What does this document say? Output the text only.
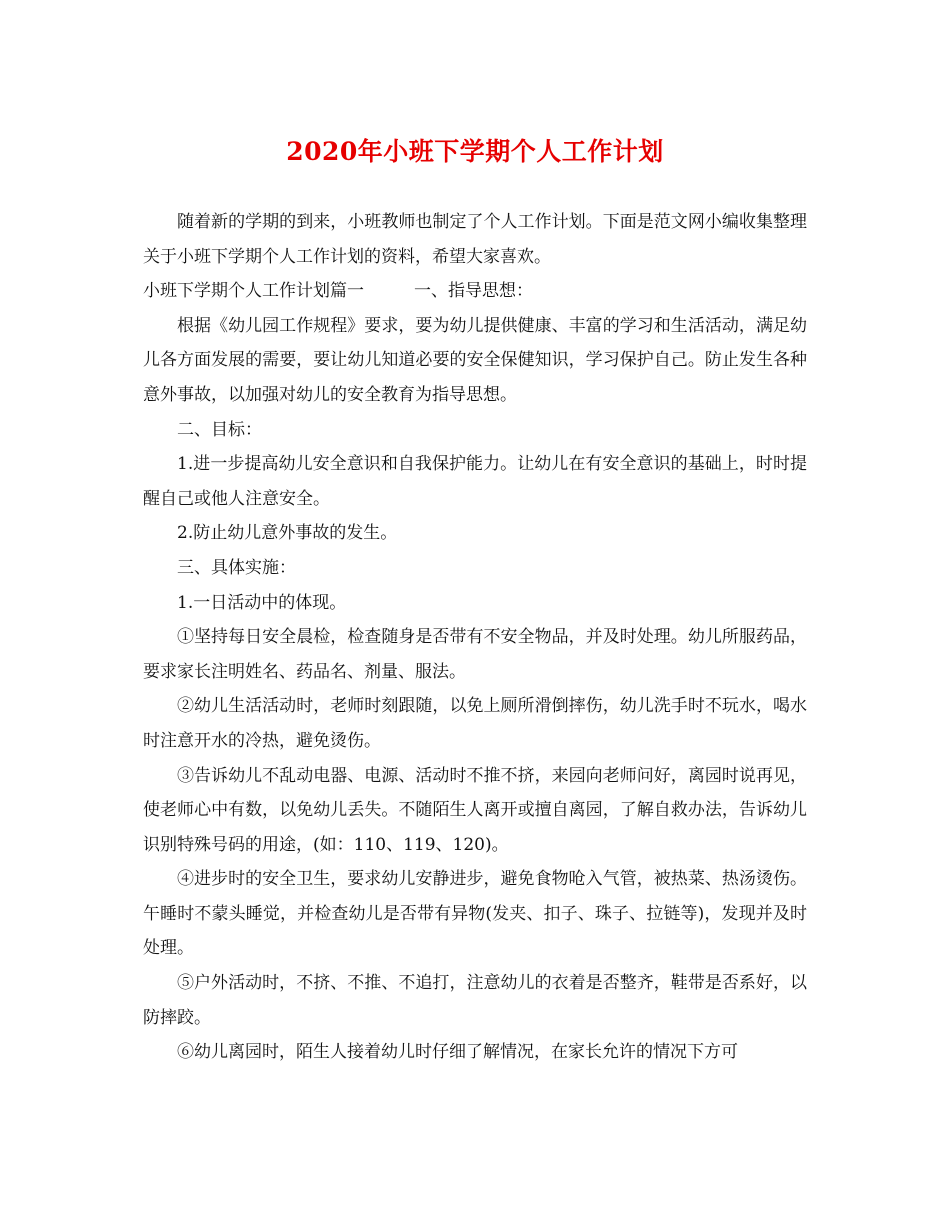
2020年小班下学期个人工作计划

随着新的学期的到来，小班教师也制定了个人工作计划。下面是范文网小编收集整理关于小班下学期个人工作计划的资料，希望大家喜欢。

小班下学期个人工作计划篇一	一、指导思想：

根据《幼儿园工作规程》要求，要为幼儿提供健康、丰富的学习和生活活动，满足幼儿各方面发展的需要，要让幼儿知道必要的安全保健知识，学习保护自己。防止发生各种意外事故，以加强对幼儿的安全教育为指导思想。

二、目标：

1.进一步提高幼儿安全意识和自我保护能力。让幼儿在有安全意识的基础上，时时提醒自己或他人注意安全。

2.防止幼儿意外事故的发生。

三、具体实施：

1.一日活动中的体现。

①坚持每日安全晨检，检查随身是否带有不安全物品，并及时处理。幼儿所服药品，要求家长注明姓名、药品名、剂量、服法。

②幼儿生活活动时，老师时刻跟随，以免上厕所滑倒摔伤，幼儿洗手时不玩水，喝水时注意开水的冷热，避免烫伤。

③告诉幼儿不乱动电器、电源、活动时不推不挤，来园向老师问好，离园时说再见，使老师心中有数，以免幼儿丢失。不随陌生人离开或擅自离园，了解自救办法，告诉幼儿识别特殊号码的用途，(如：110、119、120)。

④进步时的安全卫生，要求幼儿安静进步，避免食物呛入气管，被热菜、热汤烫伤。午睡时不蒙头睡觉，并检查幼儿是否带有异物(发夹、扣子、珠子、拉链等)，发现并及时处理。

⑤户外活动时，不挤、不推、不追打，注意幼儿的衣着是否整齐，鞋带是否系好，以防摔跤。

⑥幼儿离园时，陌生人接着幼儿时仔细了解情况，在家长允许的情况下方可
